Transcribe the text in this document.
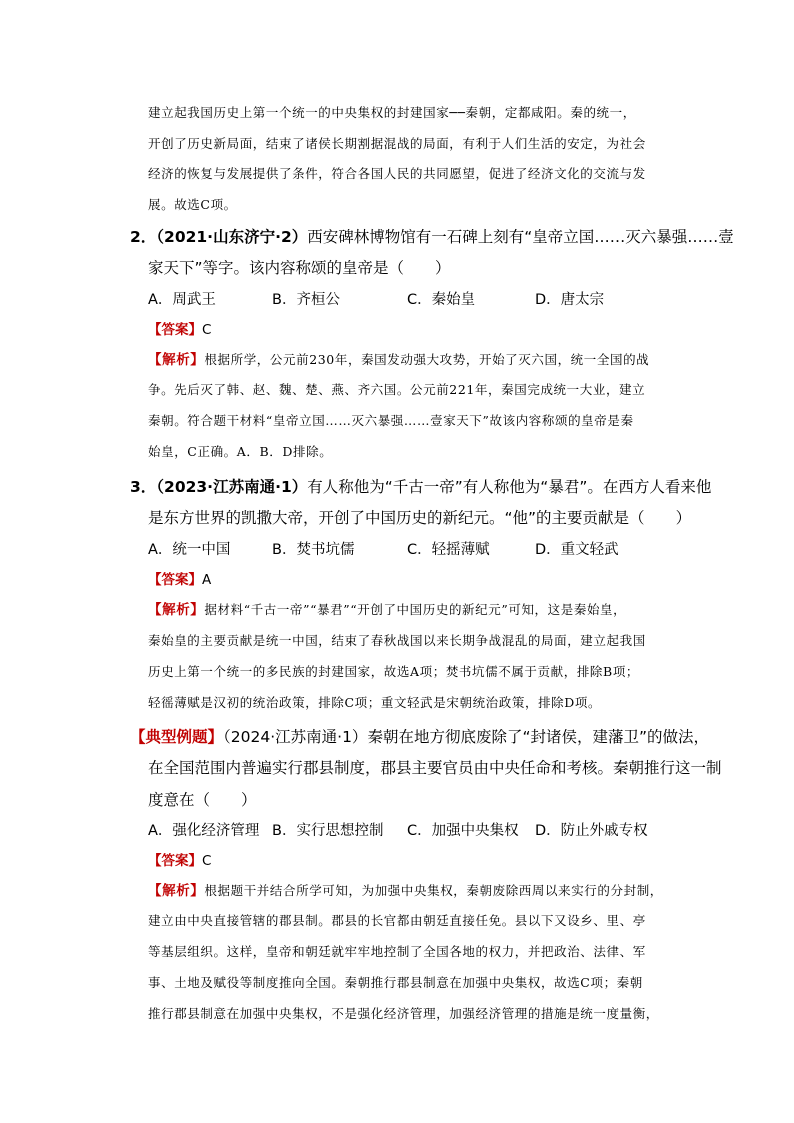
建立起我国历史上第一个统一的中央集权的封建国家──秦朝，定都咸阳。秦的统一，
开创了历史新局面，结束了诸侯长期割据混战的局面，有利于人们生活的安定，为社会
经济的恢复与发展提供了条件，符合各国人民的共同愿望，促进了经济文化的交流与发
展。故选C项。
2．（2021·山东济宁·2）西安碑林博物馆有一石碑上刻有“皇帝立国……灭六暴强……壹
家天下”等字。该内容称颂的皇帝是（　　）
A．周武王	B．齐桓公	C．秦始皇	D．唐太宗
【答案】C
【解析】根据所学，公元前230年，秦国发动强大攻势，开始了灭六国，统一全国的战
争。先后灭了韩、赵、魏、楚、燕、齐六国。公元前221年，秦国完成统一大业，建立
秦朝。符合题干材料“皇帝立国……灭六暴强……壹家天下”故该内容称颂的皇帝是秦
始皇，C正确。A．B．D排除。
3．（2023·江苏南通·1）有人称他为“千古一帝”有人称他为“暴君”。在西方人看来他
是东方世界的凯撒大帝，开创了中国历史的新纪元。“他”的主要贡献是（　　）
A．统一中国	B．焚书坑儒	C．轻摇薄赋	D．重文轻武
【答案】A
【解析】据材料“千古一帝”“暴君”“开创了中国历史的新纪元”可知，这是秦始皇，
秦始皇的主要贡献是统一中国，结束了春秋战国以来长期争战混乱的局面，建立起我国
历史上第一个统一的多民族的封建国家，故选A项；焚书坑儒不属于贡献，排除B项；
轻徭薄赋是汉初的统治政策，排除C项；重文轻武是宋朝统治政策，排除D项。
【典型例题】（2024·江苏南通·1）秦朝在地方彻底废除了“封诸侯，建藩卫”的做法，
在全国范围内普遍实行郡县制度，郡县主要官员由中央任命和考核。秦朝推行这一制
度意在（　　）
A．强化经济管理 B．实行思想控制 C．加强中央集权 D．防止外戚专权
【答案】C
【解析】根据题干并结合所学可知，为加强中央集权，秦朝废除西周以来实行的分封制，
建立由中央直接管辖的郡县制。郡县的长官都由朝廷直接任免。县以下又设乡、里、亭
等基层组织。这样，皇帝和朝廷就牢牢地控制了全国各地的权力，并把政治、法律、军
事、土地及赋役等制度推向全国。秦朝推行郡县制意在加强中央集权，故选C项；秦朝
推行郡县制意在加强中央集权，不是强化经济管理，加强经济管理的措施是统一度量衡，
